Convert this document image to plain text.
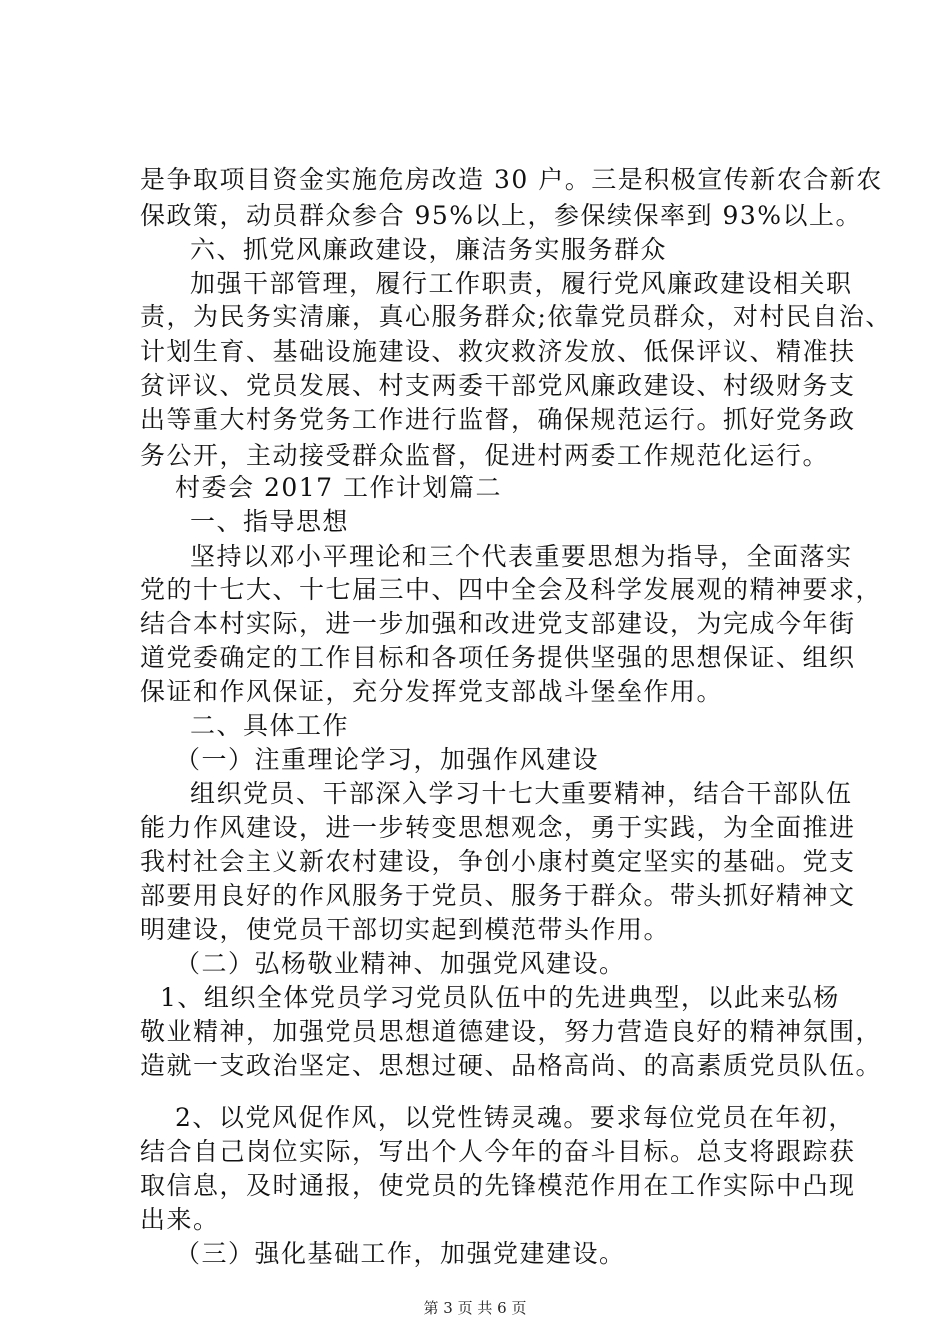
是争取项目资金实施危房改造 30 户。三是积极宣传新农合新农
保政策，动员群众参合 95%以上，参保续保率到 93%以上。
六、抓党风廉政建设，廉洁务实服务群众
加强干部管理，履行工作职责，履行党风廉政建设相关职
责，为民务实清廉，真心服务群众;依靠党员群众，对村民自治、
计划生育、基础设施建设、救灾救济发放、低保评议、精准扶
贫评议、党员发展、村支两委干部党风廉政建设、村级财务支
出等重大村务党务工作进行监督，确保规范运行。抓好党务政
务公开，主动接受群众监督，促进村两委工作规范化运行。
村委会 2017 工作计划篇二
一、指导思想
坚持以邓小平理论和三个代表重要思想为指导，全面落实
党的十七大、十七届三中、四中全会及科学发展观的精神要求，
结合本村实际，进一步加强和改进党支部建设，为完成今年街
道党委确定的工作目标和各项任务提供坚强的思想保证、组织
保证和作风保证，充分发挥党支部战斗堡垒作用。
二、具体工作
（一）注重理论学习，加强作风建设
组织党员、干部深入学习十七大重要精神，结合干部队伍
能力作风建设，进一步转变思想观念，勇于实践，为全面推进
我村社会主义新农村建设，争创小康村奠定坚实的基础。党支
部要用良好的作风服务于党员、服务于群众。带头抓好精神文
明建设，使党员干部切实起到模范带头作用。
（二）弘杨敬业精神、加强党风建设。
1、组织全体党员学习党员队伍中的先进典型，以此来弘杨
敬业精神，加强党员思想道德建设，努力营造良好的精神氛围，
造就一支政治坚定、思想过硬、品格高尚、的高素质党员队伍。
2、以党风促作风，以党性铸灵魂。要求每位党员在年初，
结合自己岗位实际，写出个人今年的奋斗目标。总支将跟踪获
取信息，及时通报，使党员的先锋模范作用在工作实际中凸现
出来。
（三）强化基础工作，加强党建建设。
第 3 页 共 6 页
